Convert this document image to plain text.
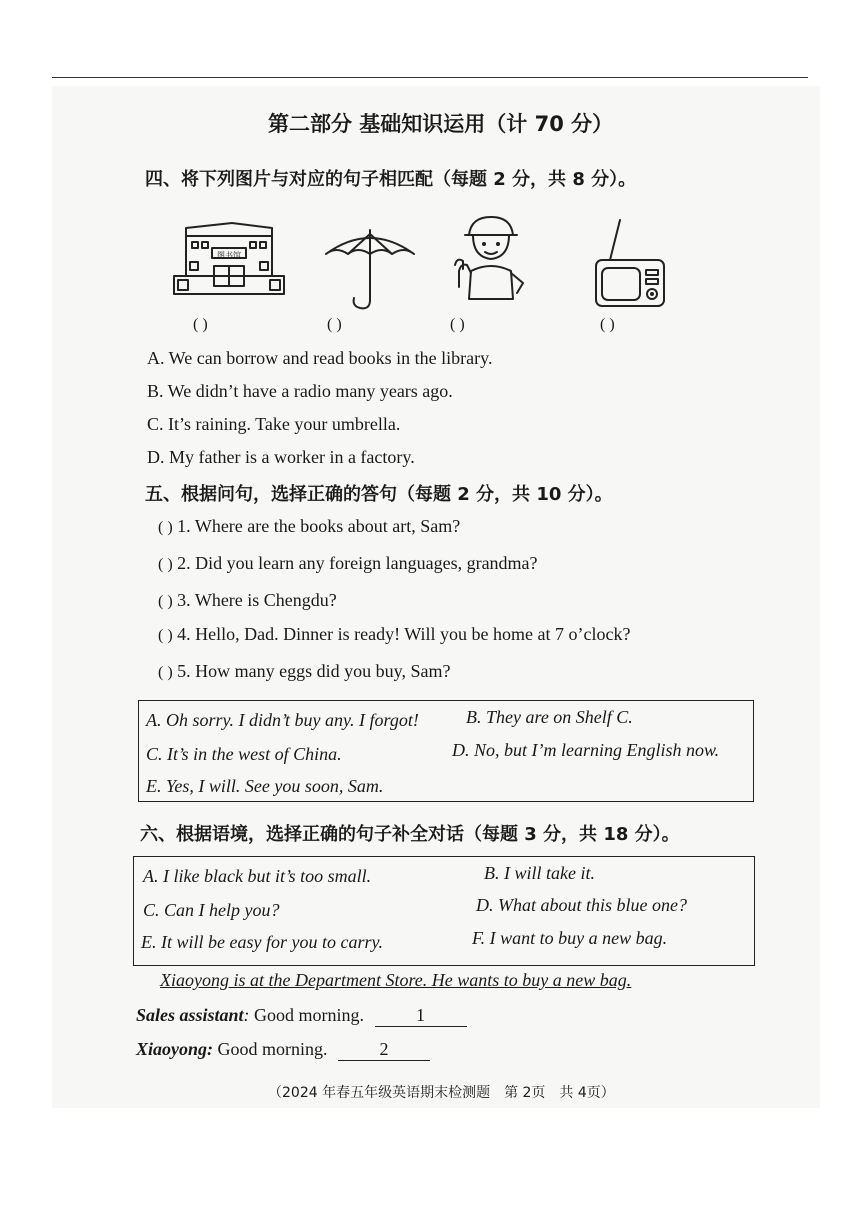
第二部分 基础知识运用（计 70 分）
四、将下列图片与对应的句子相匹配（每题 2 分，共 8 分）。
图书馆
( )	( )	( )	( )
A. We can borrow and read books in the library.
B. We didn’t have a radio many years ago.
C. It’s raining. Take your umbrella.
D. My father is a worker in a factory.
五、根据问句，选择正确的答句（每题 2 分，共 10 分）。
( ) 1. Where are the books about art, Sam?
( ) 2. Did you learn any foreign languages, grandma?
( ) 3. Where is Chengdu?
( ) 4. Hello, Dad. Dinner is ready! Will you be home at 7 o’clock?
( ) 5. How many eggs did you buy, Sam?
A. Oh sorry. I didn’t buy any. I forgot!	B. They are on Shelf C.
C. It’s in the west of China.	D. No, but I’m learning English now.
E. Yes, I will. See you soon, Sam.
六、根据语境，选择正确的句子补全对话（每题 3 分，共 18 分）。
A. I like black but it’s too small.	B. I will take it.
C. Can I help you?	D. What about this blue one?
E. It will be easy for you to carry.	F. I want to buy a new bag.
Xiaoyong is at the Department Store. He wants to buy a new bag.
Sales assistant: Good morning.	1
Xiaoyong: Good morning.	2
（2024 年春五年级英语期末检测题　第 2页　共 4页）
